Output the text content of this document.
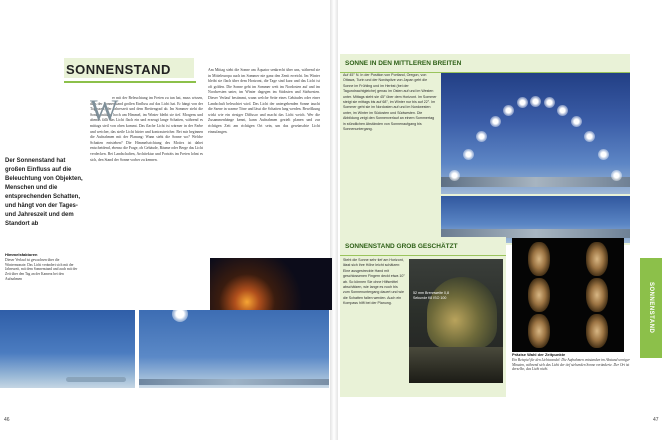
SONNENSTAND
Der Sonnenstand hat großen Einfluss auf die Beleuchtung von Objekten, Menschen und die entsprechenden Schatten, und hängt von der Tages- und Jahreszeit und dem Standort ab
Himmelsfaktoren
Dieser Verlauf ist gewachsen über die Wintermonate. Das Licht verändert sich mit der Jahreszeit, mit dem Sonnenstand und auch mit der Zeit über den Tag an der Kamera bei den Aufnahmen
er mit der Beleuchtung im Freien zu tun hat, muss wissen, dass der Sonnenstand großen Einfluss auf das Licht hat. Er hängt von der Tageszeit, der Jahreszeit und dem Breitengrad ab. Im Sommer steht die Sonne mittags hoch am Himmel, im Winter bleibt sie tief. Morgens und abends fällt das Licht flach ein und erzeugt lange Schatten, während es mittags steil von oben kommt. Das flache Licht ist wärmer in der Farbe und weicher, das steile Licht härter und kontrastreicher. Bei mir beginnen die Aufnahmen mit der Planung: Wann steht die Sonne wo? Welche Schatten entstehen? Die Himmelsrichtung des Motivs ist dabei entscheidend, ebenso die Frage, ob Gebäude, Bäume oder Berge das Licht verdecken. Bei Landschaften, Architektur und Porträts im Freien lohnt es sich, den Stand der Sonne vorher zu kennen.
W
Am Mittag steht die Sonne am Äquator senkrecht über uns, während sie in Mitteleuropa auch im Sommer nie ganz den Zenit erreicht. Im Winter bleibt sie flach über dem Horizont, die Tage sind kurz und das Licht ist oft golden. Die Sonne geht im Sommer weit im Nordosten auf und im Nordwesten unter, im Winter dagegen im Südosten und Südwesten. Dieser Verlauf bestimmt, wann welche Seite eines Gebäudes oder einer Landschaft beleuchtet wird. Das Licht der untergehenden Sonne taucht die Szene in warme Töne und lässt die Schatten lang werden. Bewölkung wirkt wie ein riesiger Diffusor und macht das Licht weich. Wer die Zusammenhänge kennt, kann Aufnahmen gezielt planen und zur richtigen Zeit am richtigen Ort sein, um das gewünschte Licht einzufangen.
46
SONNE IN DEN MITTLEREN BREITEN
Auf 45° N. In der Position von Portland, Oregon, von Ottawa, Turin und der Nordspitze von Japan geht die Sonne im Frühling und im Herbst (bei der Tagundnachtgleiche) genau im Osten auf und im Westen unter. Mittags steht sie 45° über dem Horizont. Im Sommer steigt sie mittags bis auf 68°, im Winter nur bis auf 22°. Im Sommer geht sie im Nordosten auf und im Nordwesten unter, im Winter im Südosten und Südwesten. Die Abbildung zeigt den Sonnenverlauf an einem Sommertag in stündlichen Abständen von Sonnenaufgang bis Sonnenuntergang.
SONNENSTAND GROB GESCHÄTZT
Steht die Sonne sehr tief am Horizont, lässt sich ihre Höhe leicht schätzen: Eine ausgestreckte Hand mit geschlossenen Fingern deckt etwa 10° ab. So können Sie ohne Hilfsmittel abschätzen, wie lange es noch bis zum Sonnenuntergang dauert und wie die Schatten fallen werden. Auch ein Kompass hilft bei der Planung.
52 mm Brennweite 0,8 Sekunde f/8 ISO 100
Präzise Wahl der Zeitpunkte
Ein Beispiel für den Lichtwandel: Die Aufnahmen entstanden im Abstand weniger Minuten, während sich das Licht der tief stehenden Sonne veränderte. Der Ort ist derselbe, das Licht nicht.
SONNENSTAND
47
